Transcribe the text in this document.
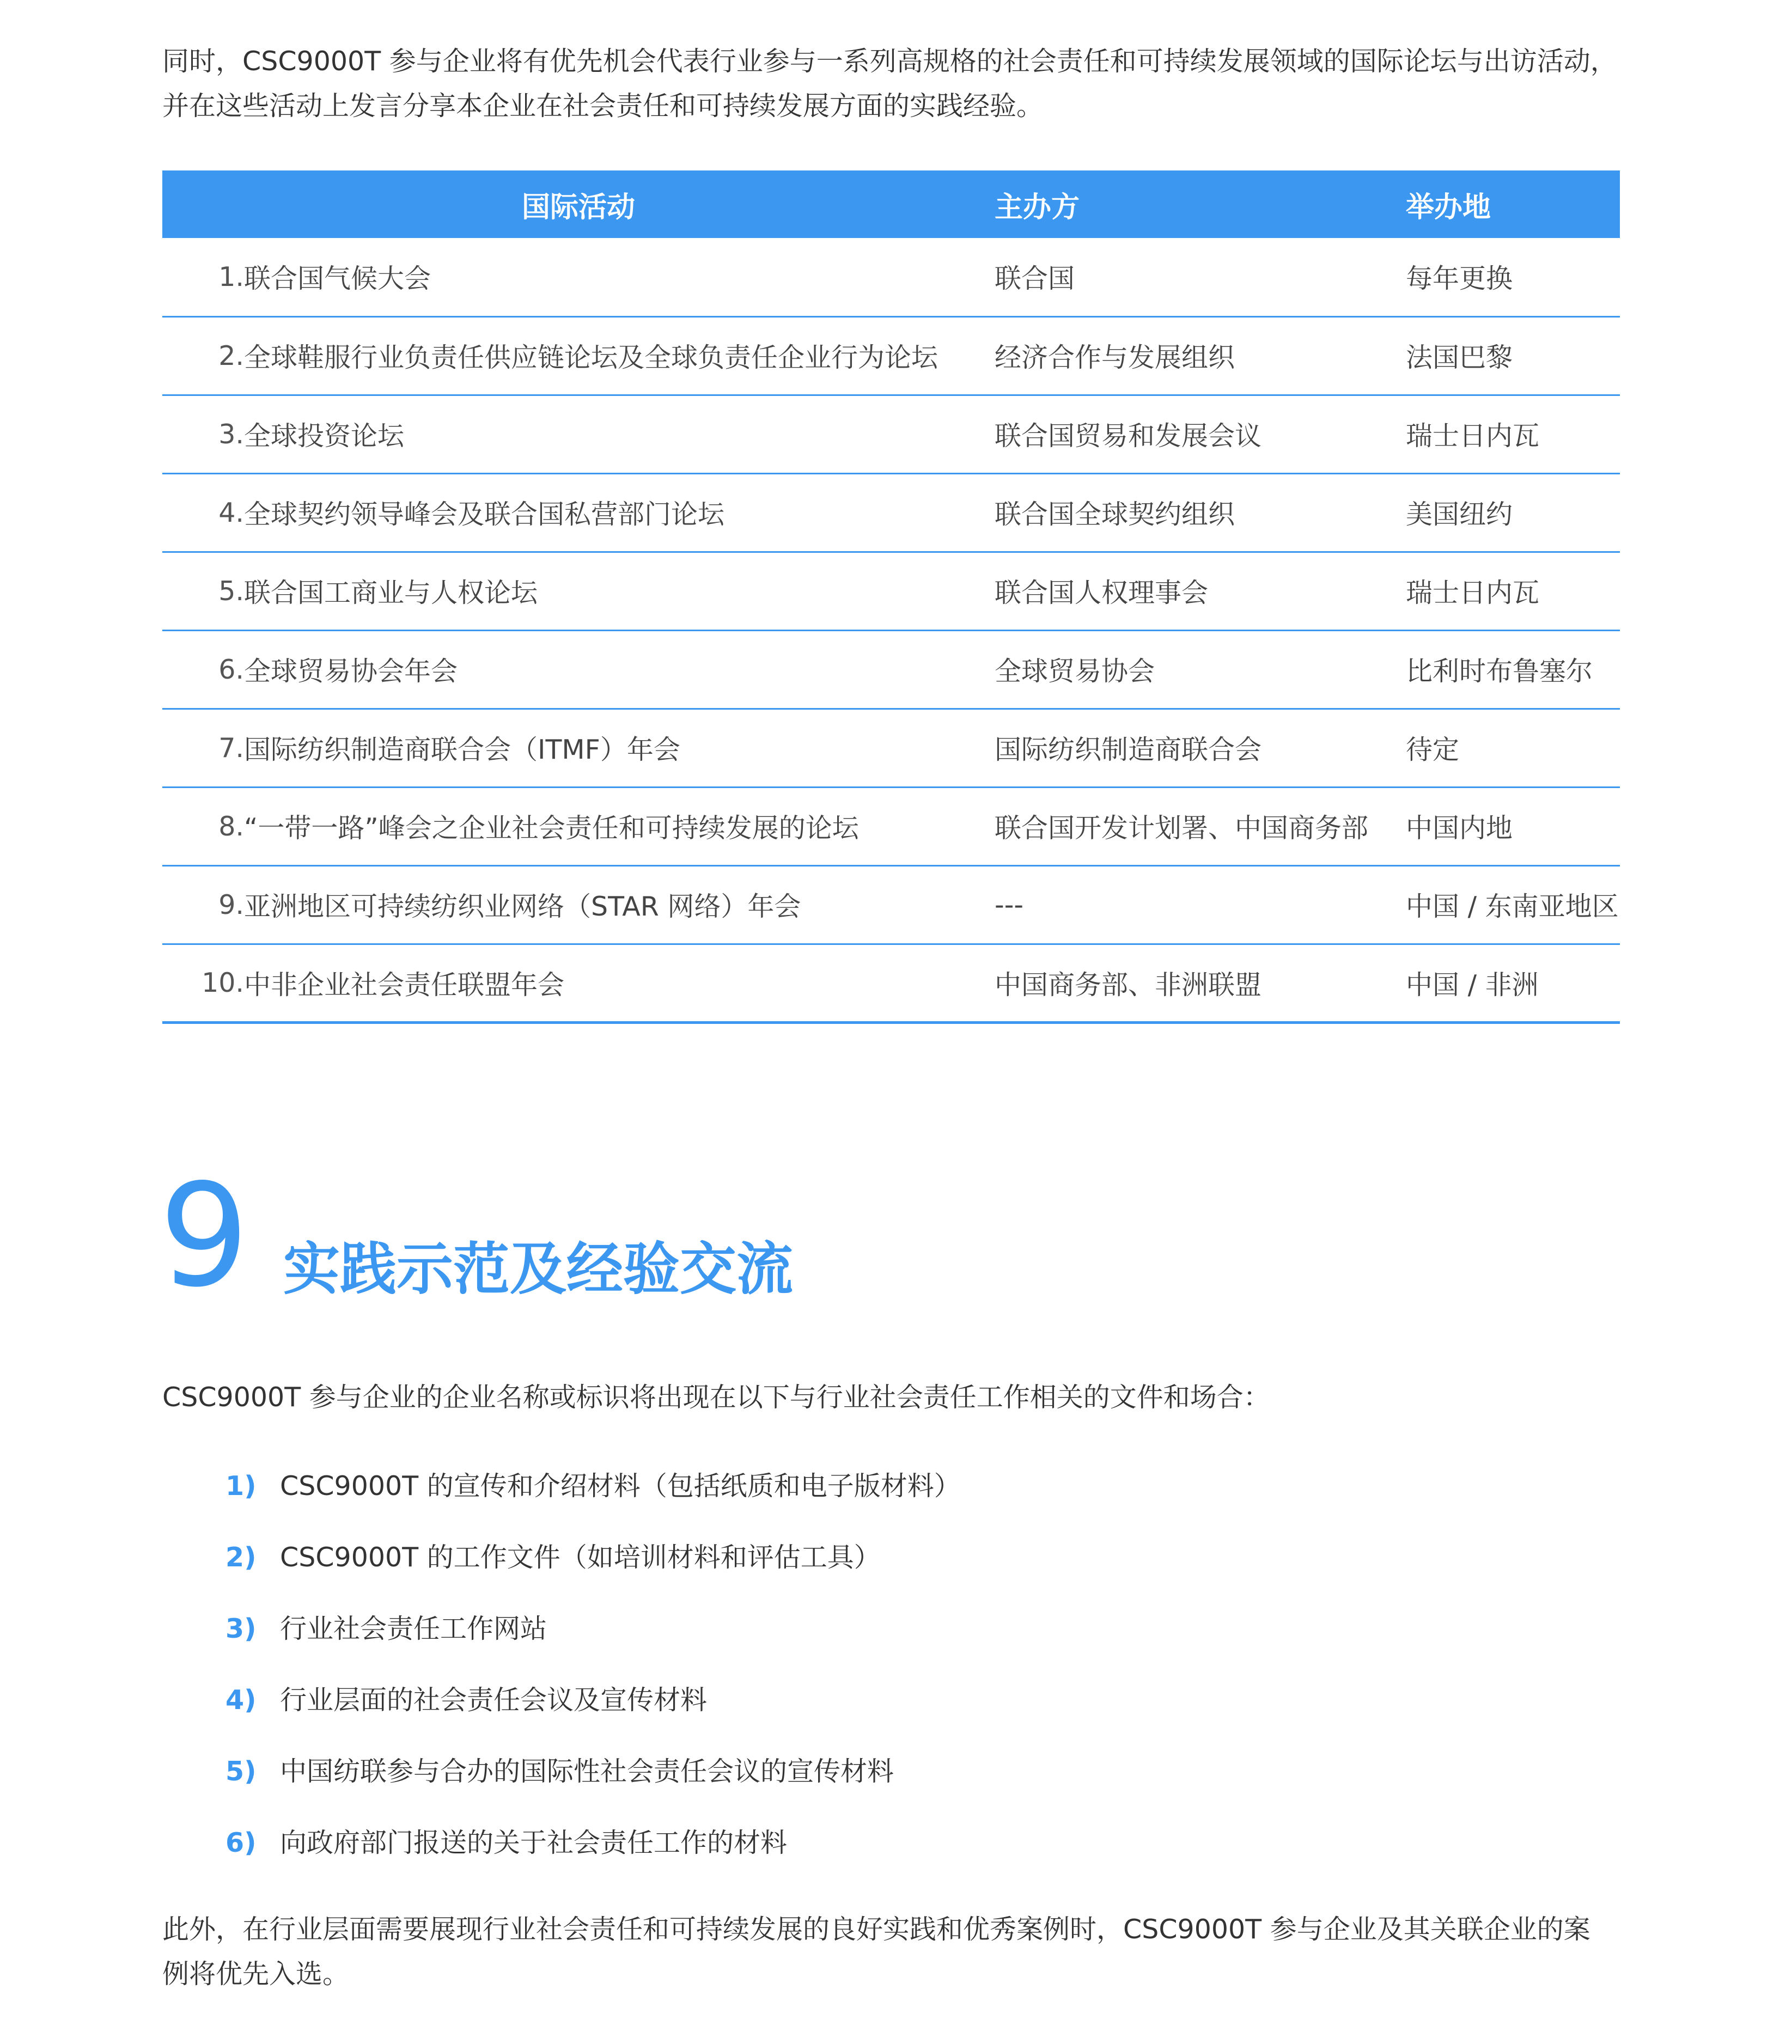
同时，CSC9000T 参与企业将有优先机会代表行业参与一系列高规格的社会责任和可持续发展领域的国际论坛与出访活动，

并在这些活动上发言分享本企业在社会责任和可持续发展方面的实践经验。

国际活动		主办方	举办地
1.	联合国气候大会	联合国	每年更换
2.	全球鞋服行业负责任供应链论坛及全球负责任企业行为论坛	经济合作与发展组织	法国巴黎
3.	全球投资论坛	联合国贸易和发展会议	瑞士日内瓦
4.	全球契约领导峰会及联合国私营部门论坛	联合国全球契约组织	美国纽约
5.	联合国工商业与人权论坛	联合国人权理事会	瑞士日内瓦
6.	全球贸易协会年会	全球贸易协会	比利时布鲁塞尔
7.	国际纺织制造商联合会（ITMF）年会	国际纺织制造商联合会	待定
8.	“一带一路”峰会之企业社会责任和可持续发展的论坛	联合国开发计划署、中国商务部	中国内地
9.	亚洲地区可持续纺织业网络（STAR 网络）年会	---	中国 / 东南亚地区
10.	中非企业社会责任联盟年会	中国商务部、非洲联盟	中国 / 非洲
9 实践示范及经验交流

CSC9000T 参与企业的企业名称或标识将出现在以下与行业社会责任工作相关的文件和场合：

1) CSC9000T 的宣传和介绍材料（包括纸质和电子版材料）
2) CSC9000T 的工作文件（如培训材料和评估工具）
3) 行业社会责任工作网站
4) 行业层面的社会责任会议及宣传材料
5) 中国纺联参与合办的国际性社会责任会议的宣传材料
6) 向政府部门报送的关于社会责任工作的材料
此外，在行业层面需要展现行业社会责任和可持续发展的良好实践和优秀案例时，CSC9000T 参与企业及其关联企业的案
例将优先入选。
